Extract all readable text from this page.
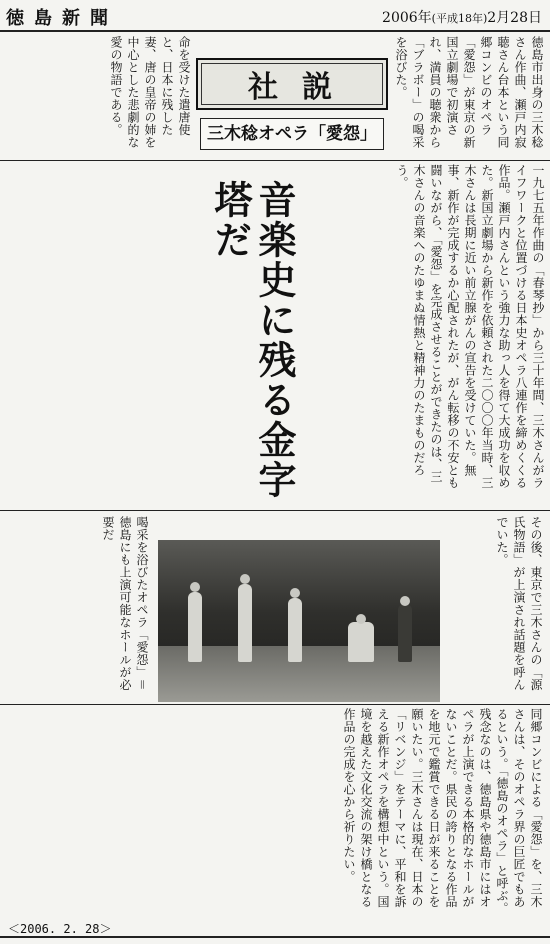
徳島新聞	2006年(平成18年)2月28日
命を受けた遣唐使と、日本に残した妻、唐の皇帝の姉を中心とした悲劇的な愛の物語である。	社説
三木稔オペラ「愛怨」	徳島市出身の三木稔さん作曲、瀬戸内寂聴さん台本という同郷コンビのオペラ「愛怨」が東京の新国立劇場で初演され、満員の聴衆から「ブラボー」の喝采を浴びた。
一九七五年作曲の「春琴抄」から三十年間、三木さんがライフワークと位置づける日本史オペラ八連作を締めくくる作品。瀬戸内さんという強力な助っ人を得て大成功を収めた。新国立劇場から新作を依頼された二〇〇〇年当時、三木さんは長期に近い前立腺がんの宣告を受けていた。無事、新作が完成するか心配されたが、がん転移の不安とも闘いながら、「愛怨」を完成させることができたのは、三木さんの音楽へのたゆまぬ情熱と精神力のたまものだろう。
音楽史に残る金字塔だ
喝采を浴びたオペラ「愛怨」＝徳島にも上演可能なホールが必要だ	その後、東京で三木さんの「源氏物語」が上演され話題を呼んでいた。
同郷コンビによる「愛怨」を、三木さんは、そのオペラ界の巨匠でもあるという。「徳島のオペラ」と呼ぶ。残念なのは、徳島県や徳島市にはオペラが上演できる本格的なホールがないことだ。県民の誇りとなる作品を地元で鑑賞できる日が来ることを願いたい。三木さんは現在、日本の「リベンジ」をテーマに、平和を訴える新作オペラを構想中という。国境を越えた文化交流の架け橋となる作品の完成を心から祈りたい。
＜2006. 2. 28＞
